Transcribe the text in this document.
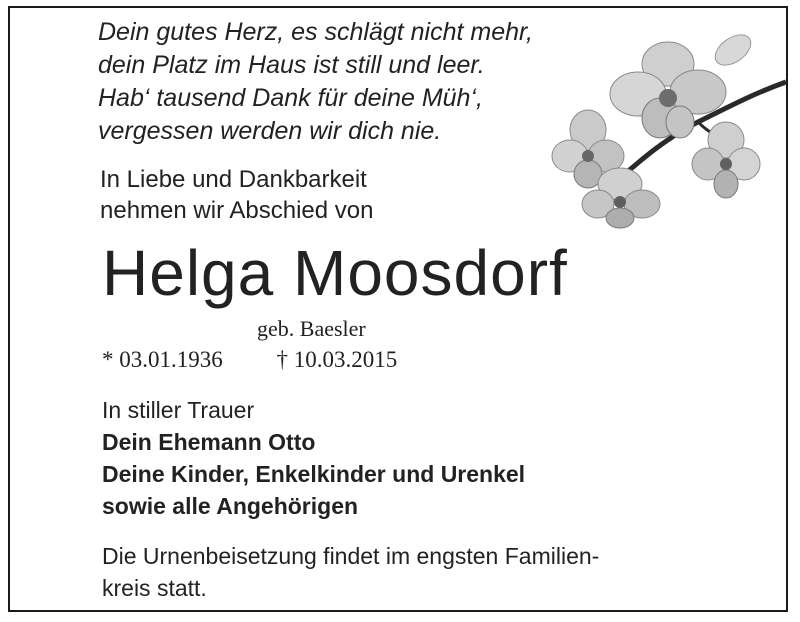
Dein gutes Herz, es schlägt nicht mehr,
dein Platz im Haus ist still und leer.
Hab‘ tausend Dank für deine Müh‘,
vergessen werden wir dich nie.
In Liebe und Dankbarkeit
nehmen wir Abschied von
Helga Moosdorf
geb. Baesler
* 03.01.1936 † 10.03.2015
In stiller Trauer
Dein Ehemann Otto
Deine Kinder, Enkelkinder und Urenkel
sowie alle Angehörigen
Die Urnenbeisetzung findet im engsten Familien-
kreis statt.
